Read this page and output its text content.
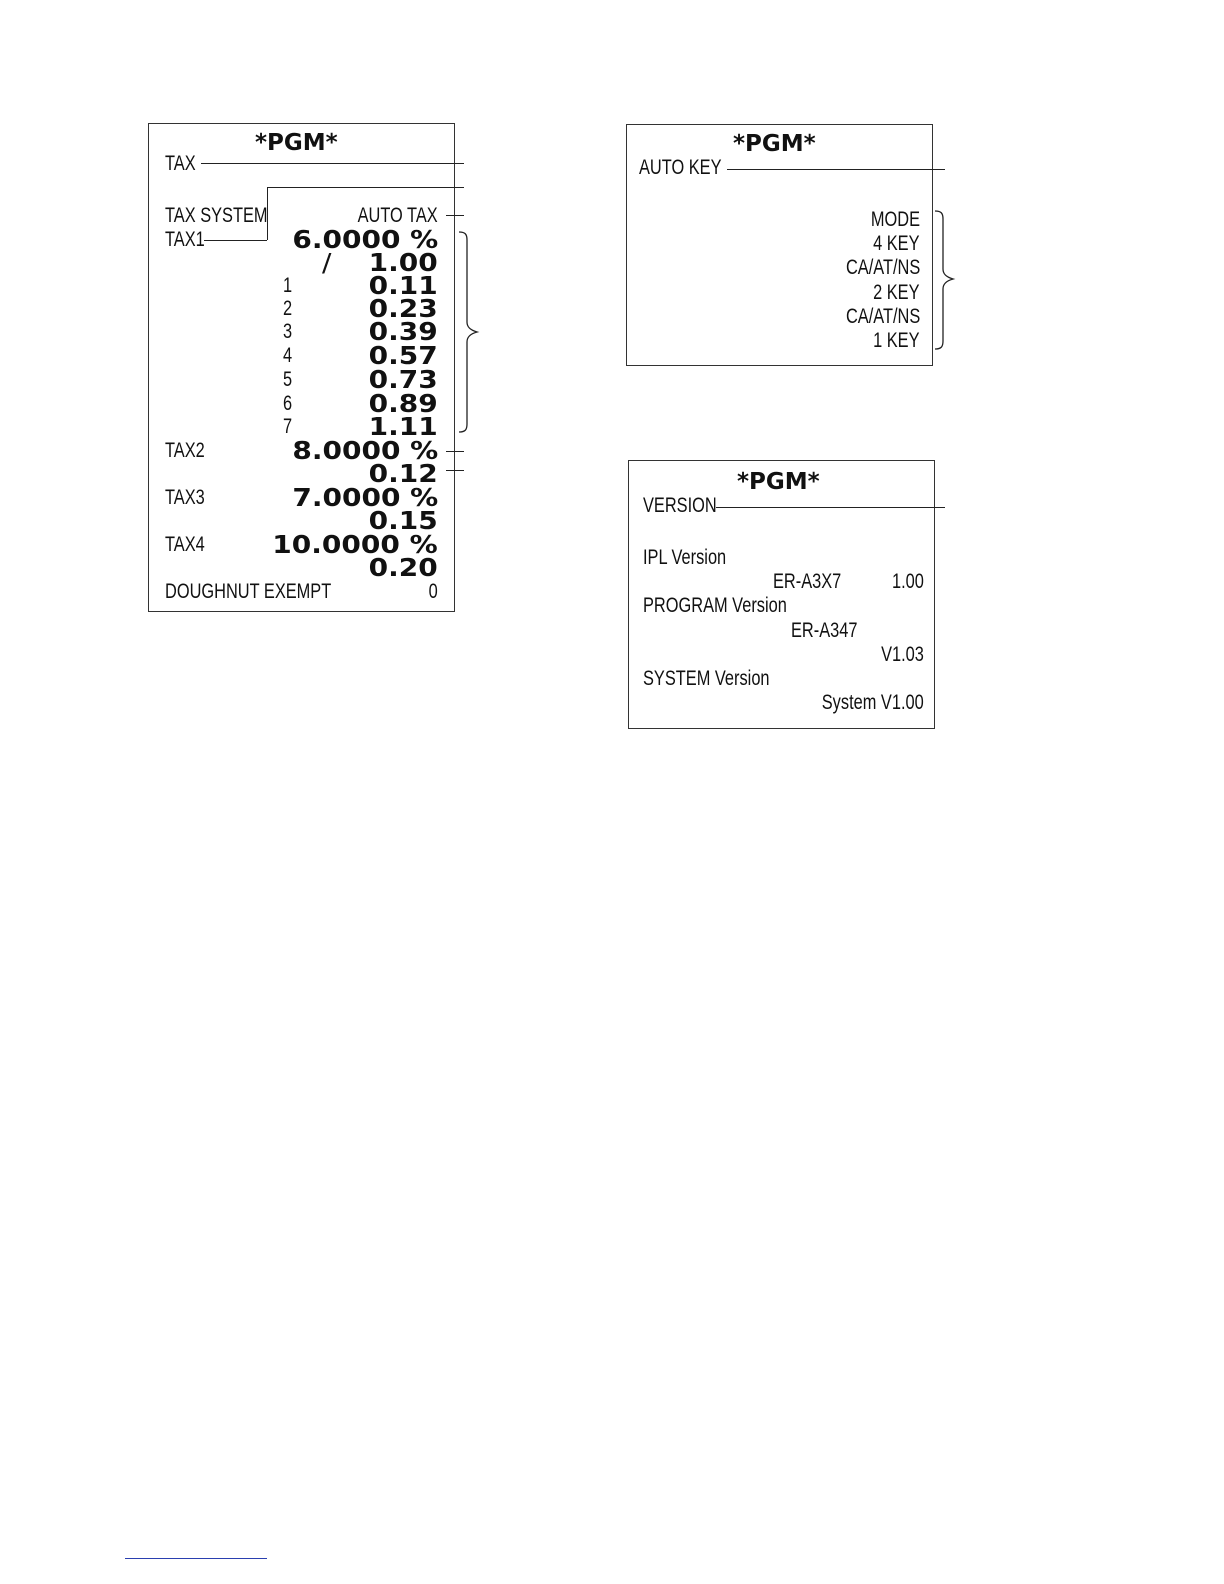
*PGM*
TAX
TAX SYSTEM	AUTO TAX
TAX1	6.0000 %
/ 1.00
1	0.11
2	0.23
3	0.39
4	0.57
5	0.73
6	0.89
7	1.11
TAX2	8.0000 %
0.12
TAX3	7.0000 %
0.15
TAX4	10.0000 %
0.20
DOUGHNUT EXEMPT	0
*PGM*
AUTO KEY
MODE
4 KEY
CA/AT/NS
2 KEY
CA/AT/NS
1 KEY
*PGM*
VERSION
IPL Version
ER-A3X7 1.00
PROGRAM Version
ER-A347
V1.03
SYSTEM Version
System V1.00
